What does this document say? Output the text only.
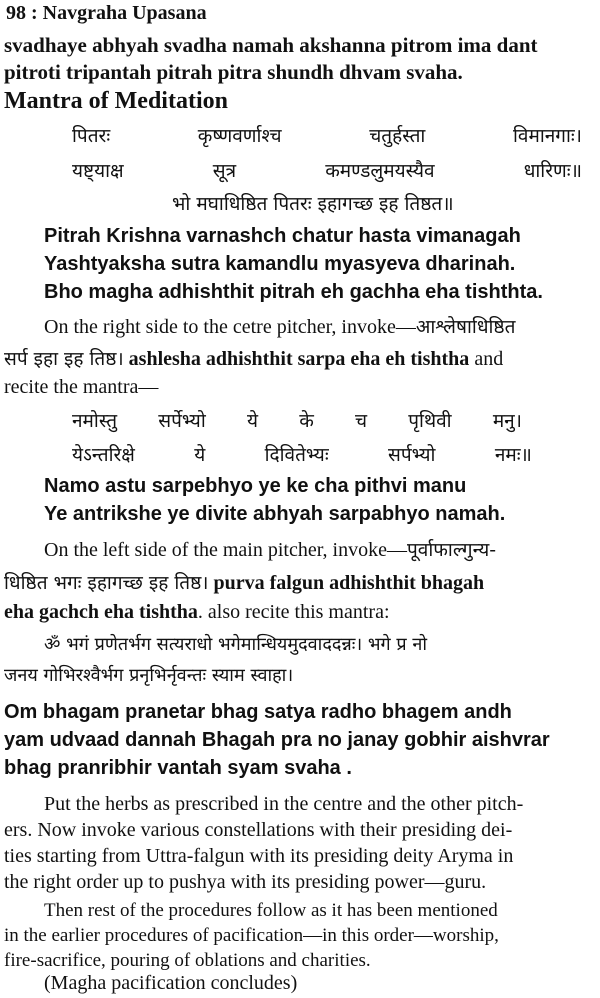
98 : Navgraha Upasana
svadhaye abhyah svadha namah akshanna pitrom ima dant
pitroti tripantah pitrah pitra shundh dhvam svaha.
Mantra of Meditation
पितरः	कृष्णवर्णाश्च	चतुर्हस्ता	विमानगाः।
यष्ट्याक्ष	सूत्र	कमण्डलुमयस्यैव	धारिणः॥
भो मघाधिष्ठित पितरः इहागच्छ इह तिष्ठत॥
Pitrah Krishna varnashch chatur hasta vimanagah
Yashtyaksha sutra kamandlu myasyeva dharinah.
Bho magha adhishthit pitrah eh gachha eha tishthta.
On the right side to the cetre pitcher, invoke—आश्लेषाधिष्ठित
सर्प इहा इह तिष्ठ। ashlesha adhishthit sarpa eha eh tishtha and
recite the mantra—
नमोस्तु सर्पेभ्यो ये के च पृथिवी मनु।
येऽन्तरिक्षे	ये	दिवितेभ्यः	सर्पभ्यो	नमः॥
Namo astu sarpebhyo ye ke cha pithvi manu
Ye antrikshe ye divite abhyah sarpabhyo namah.
On the left side of the main pitcher, invoke—पूर्वाफाल्गुन्य-
धिष्ठित भगः इहागच्छ इह तिष्ठ। purva falgun adhishthit bhagah
eha gachch eha tishtha. also recite this mantra:
ॐ भगं प्रणेतर्भग सत्यराधो भगेमान्धियमुदवाददन्नः। भगे प्र नो
जनय गोभिरश्वैर्भग प्रनृभिर्नृवन्तः स्याम स्वाहा।
Om bhagam pranetar bhag satya radho bhagem andh
yam udvaad dannah Bhagah pra no janay gobhir aishvrar
bhag pranribhir vantah syam svaha .
Put the herbs as prescribed in the centre and the other pitch-
ers. Now invoke various constellations with their presiding dei-
ties starting from Uttra-falgun with its presiding deity Aryma in
the right order up to pushya with its presiding power—guru.
Then rest of the procedures follow as it has been mentioned
in the earlier procedures of pacification—in this order—worship,
fire-sacrifice, pouring of oblations and charities.
(Magha pacification concludes)
